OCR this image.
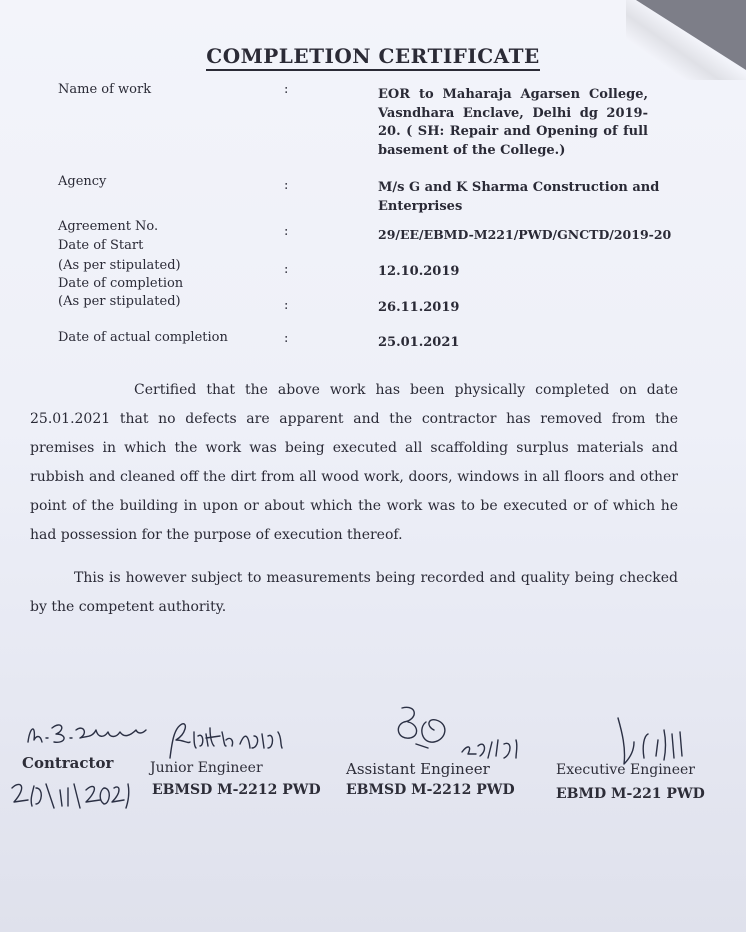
COMPLETION CERTIFICATE
Name of work	:	EOR to Maharaja Agarsen College, Vasndhara Enclave, Delhi dg 2019-20. ( SH: Repair and Opening of full basement of the College.)
Agency	:	M/s G and K Sharma Construction and Enterprises
Agreement No.	:	29/EE/EBMD-M221/PWD/GNCTD/2019-20
Date of Start
(As per stipulated)	:	12.10.2019
Date of completion
(As per stipulated)	:	26.11.2019
Date of actual completion	:	25.01.2021
Certified that the above work has been physically completed on date 25.01.2021 that no defects are apparent and the contractor has removed from the premises in which the work was being executed all scaffolding surplus materials and rubbish and cleaned off the dirt from all wood work, doors, windows in all floors and other point of the building in upon or about which the work was to be executed or of which he had possession for the purpose of execution thereof.
This is however subject to measurements being recorded and quality being checked by the competent authority.
Contractor	Junior Engineer
EBMSD M-2212 PWD
Assistant Engineer
EBMSD M-2212 PWD
Executive Engineer
EBMD M-221 PWD
